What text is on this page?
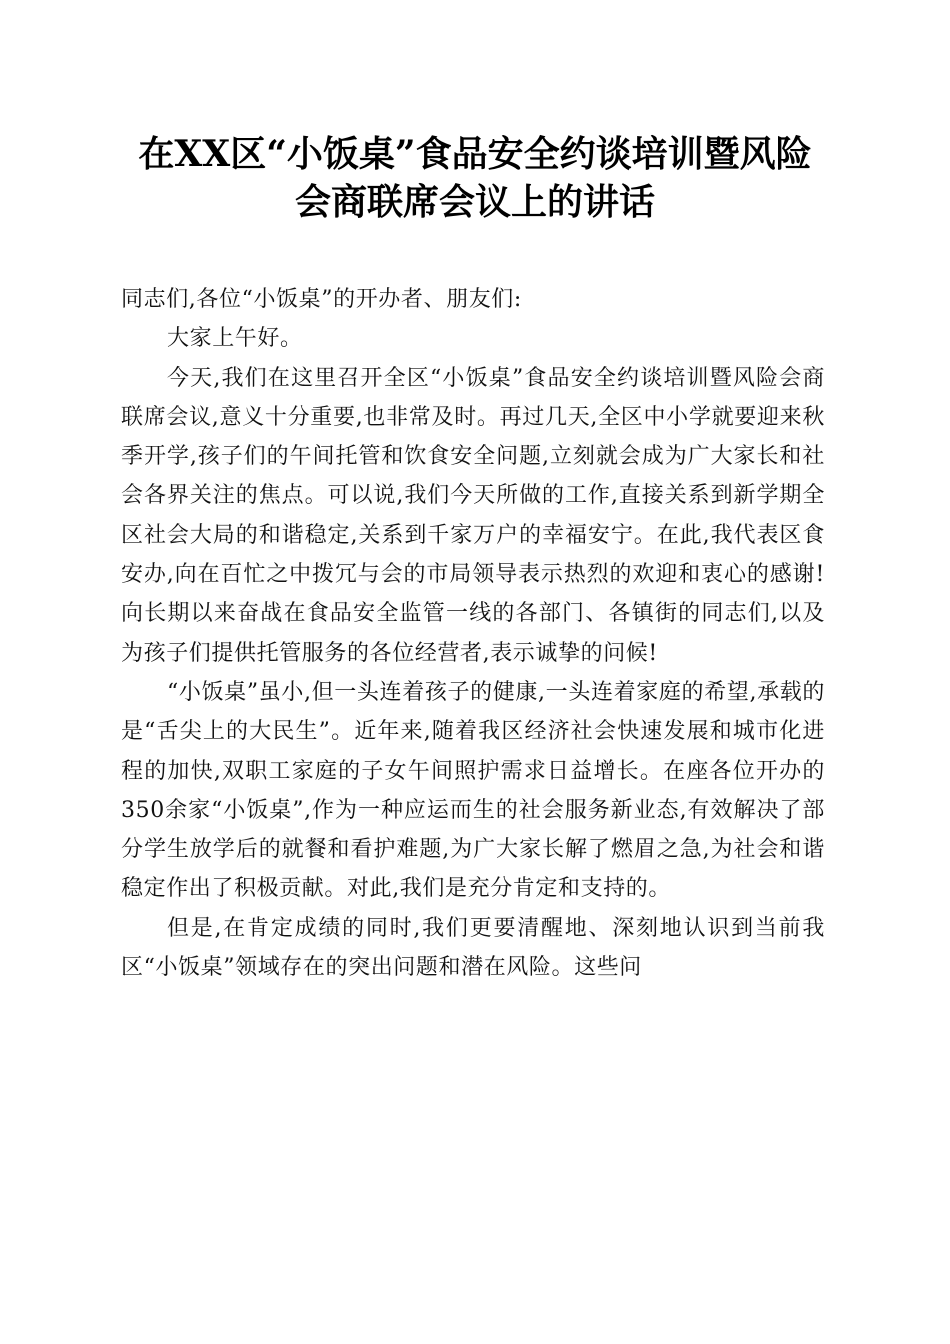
在XX区“小饭桌”食品安全约谈培训暨风险
会商联席会议上的讲话

同志们,各位“小饭桌”的开办者、朋友们:

大家上午好。

今天,我们在这里召开全区“小饭桌”食品安全约谈培训暨风险会商联席会议,意义十分重要,也非常及时。再过几天,全区中小学就要迎来秋季开学,孩子们的午间托管和饮食安全问题,立刻就会成为广大家长和社会各界关注的焦点。可以说,我们今天所做的工作,直接关系到新学期全区社会大局的和谐稳定,关系到千家万户的幸福安宁。在此,我代表区食安办,向在百忙之中拨冗与会的市局领导表示热烈的欢迎和衷心的感谢!向长期以来奋战在食品安全监管一线的各部门、各镇街的同志们,以及为孩子们提供托管服务的各位经营者,表示诚挚的问候!

“小饭桌”虽小,但一头连着孩子的健康,一头连着家庭的希望,承载的是“舌尖上的大民生”。近年来,随着我区经济社会快速发展和城市化进程的加快,双职工家庭的子女午间照护需求日益增长。在座各位开办的350余家“小饭桌”,作为一种应运而生的社会服务新业态,有效解决了部分学生放学后的就餐和看护难题,为广大家长解了燃眉之急,为社会和谐稳定作出了积极贡献。对此,我们是充分肯定和支持的。

但是,在肯定成绩的同时,我们更要清醒地、深刻地认识到当前我区“小饭桌”领域存在的突出问题和潜在风险。这些问
